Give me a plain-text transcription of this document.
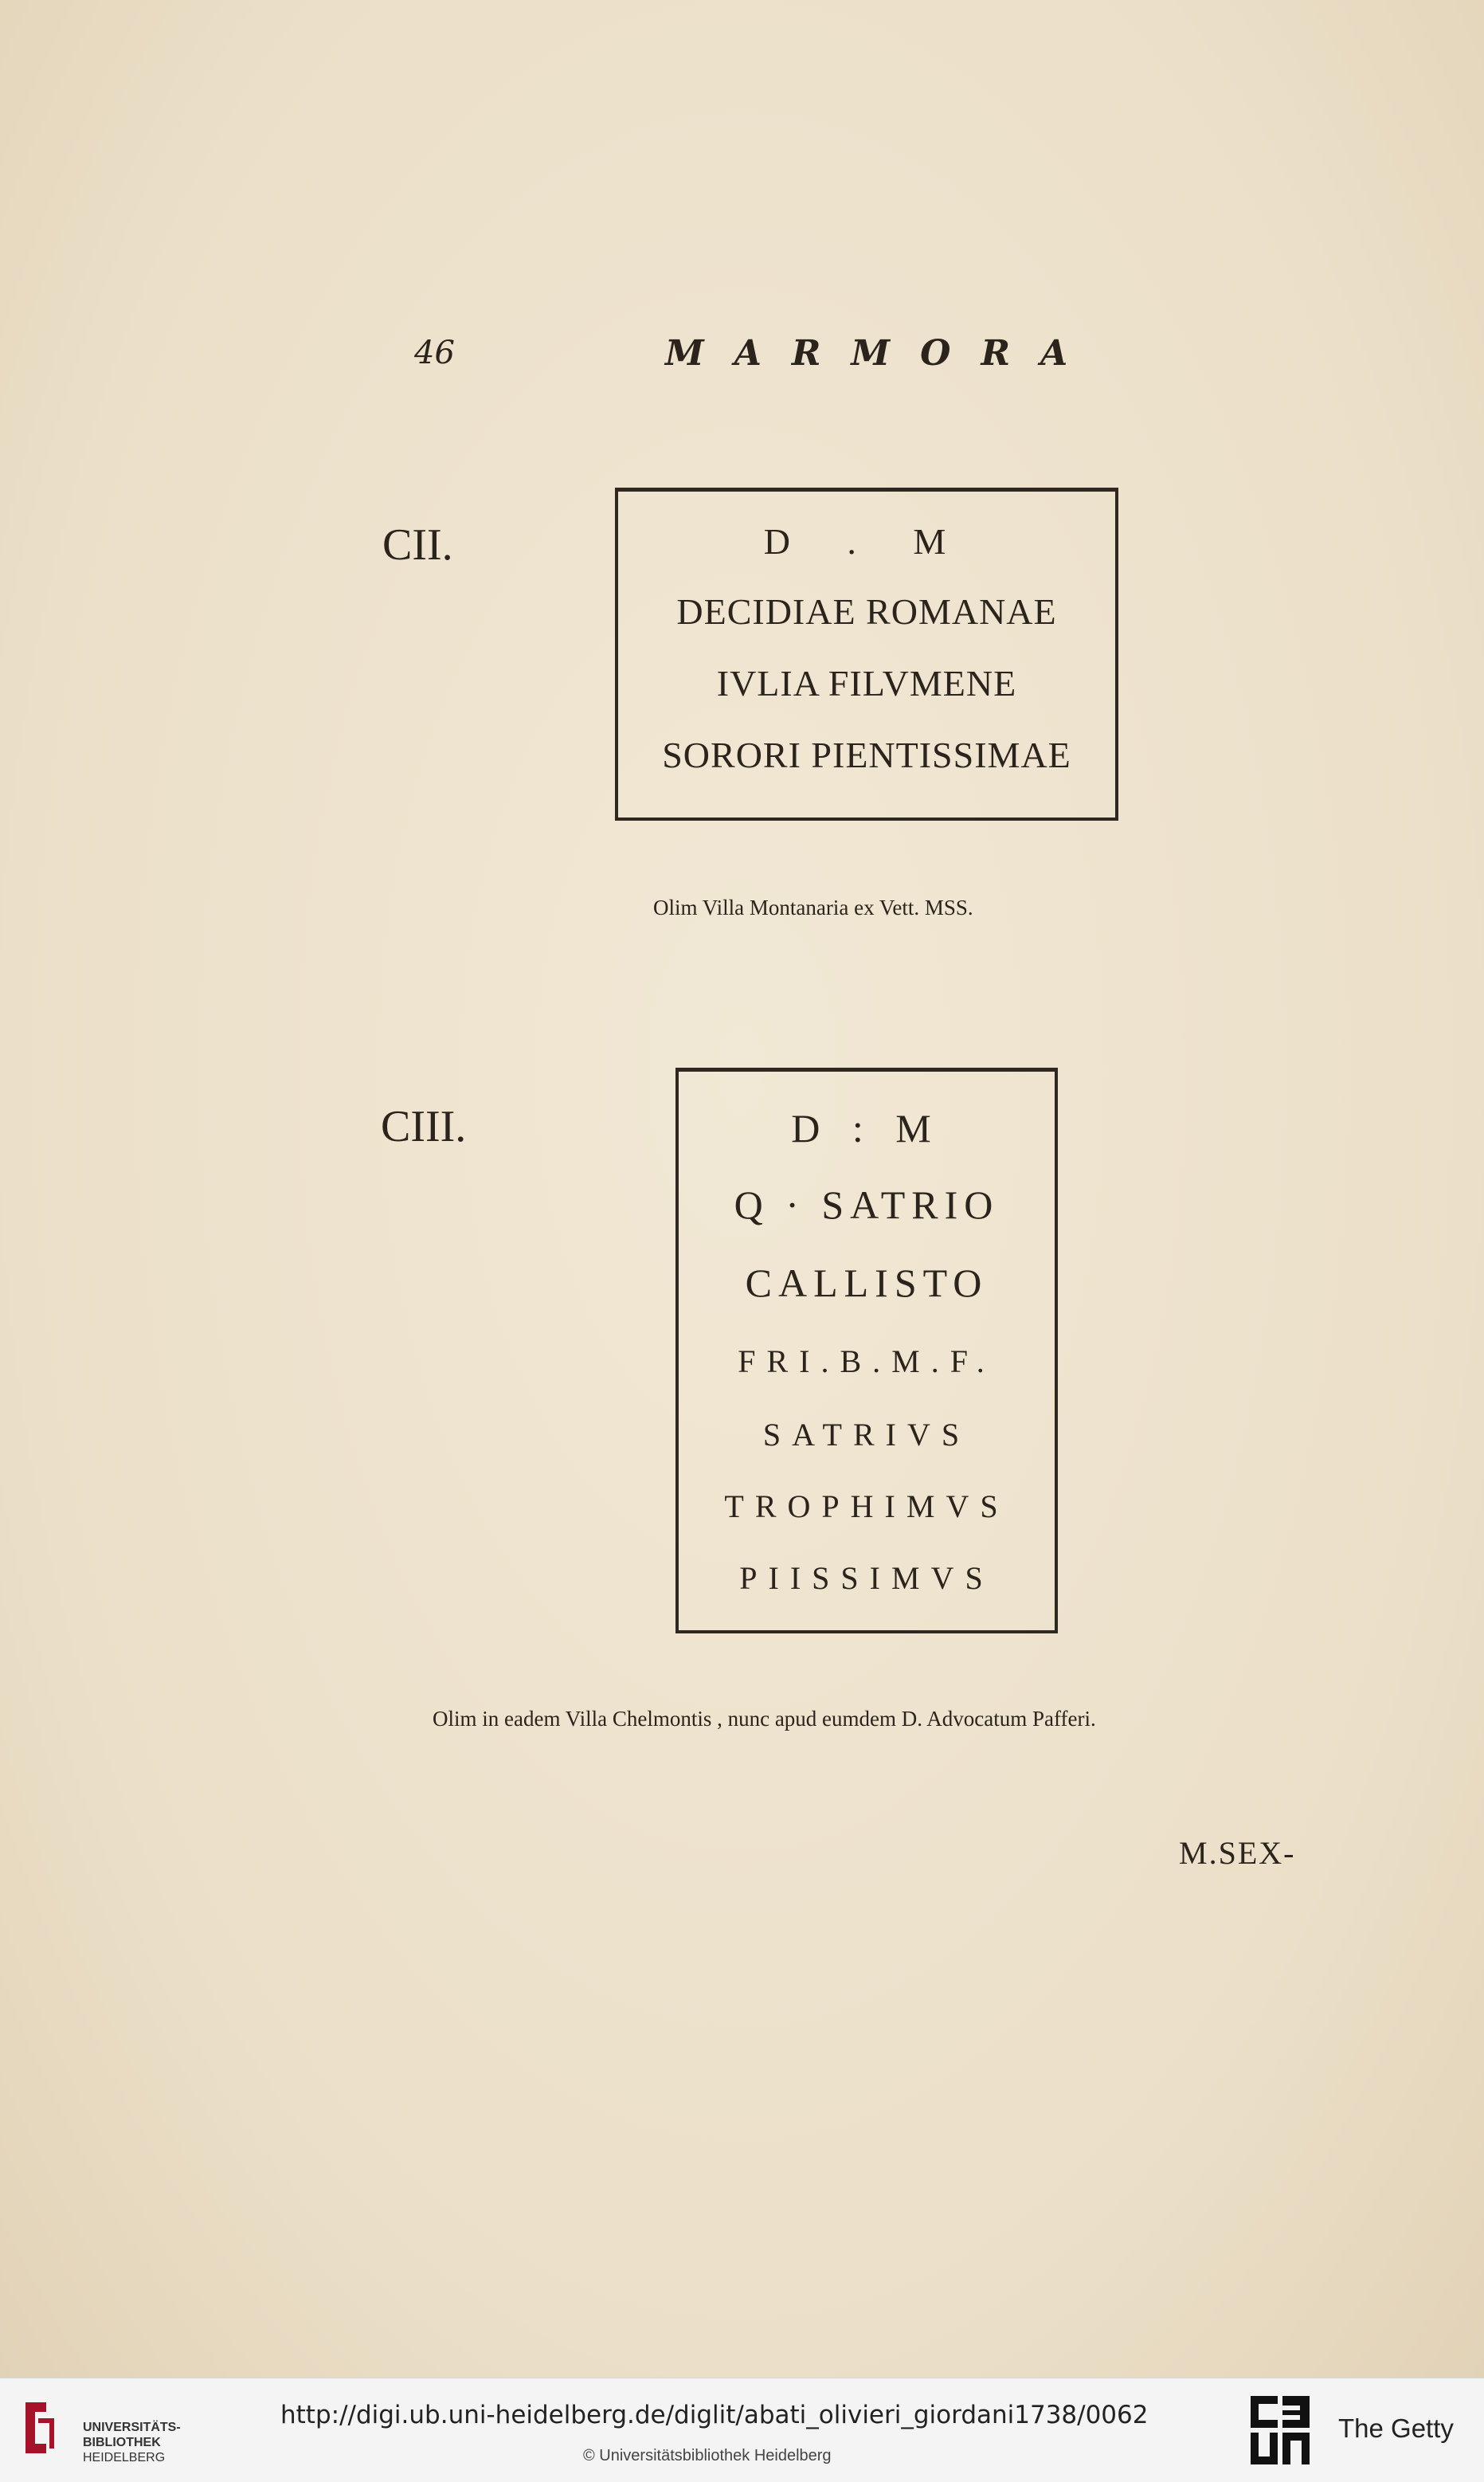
46	MARMORA
CII.	D . M
DECIDIAE ROMANAE
IVLIA FILVMENE
SORORI PIENTISSIMAE
Olim Villa Montanaria ex Vett. MSS.
CIII.	D : M
Q · SATRIO
CALLISTO
FRI.B.M.F.
SATRIVS
TROPHIMVS
PIISSIMVS
Olim in eadem Villa Chelmontis , nunc apud eumdem D. Advocatum Pafferi.
M.SEX-
UNIVERSITÄTS-
BIBLIOTHEK
HEIDELBERG
http://digi.ub.uni-heidelberg.de/diglit/abati_olivieri_giordani1738/0062
© Universitätsbibliothek Heidelberg
The Getty
